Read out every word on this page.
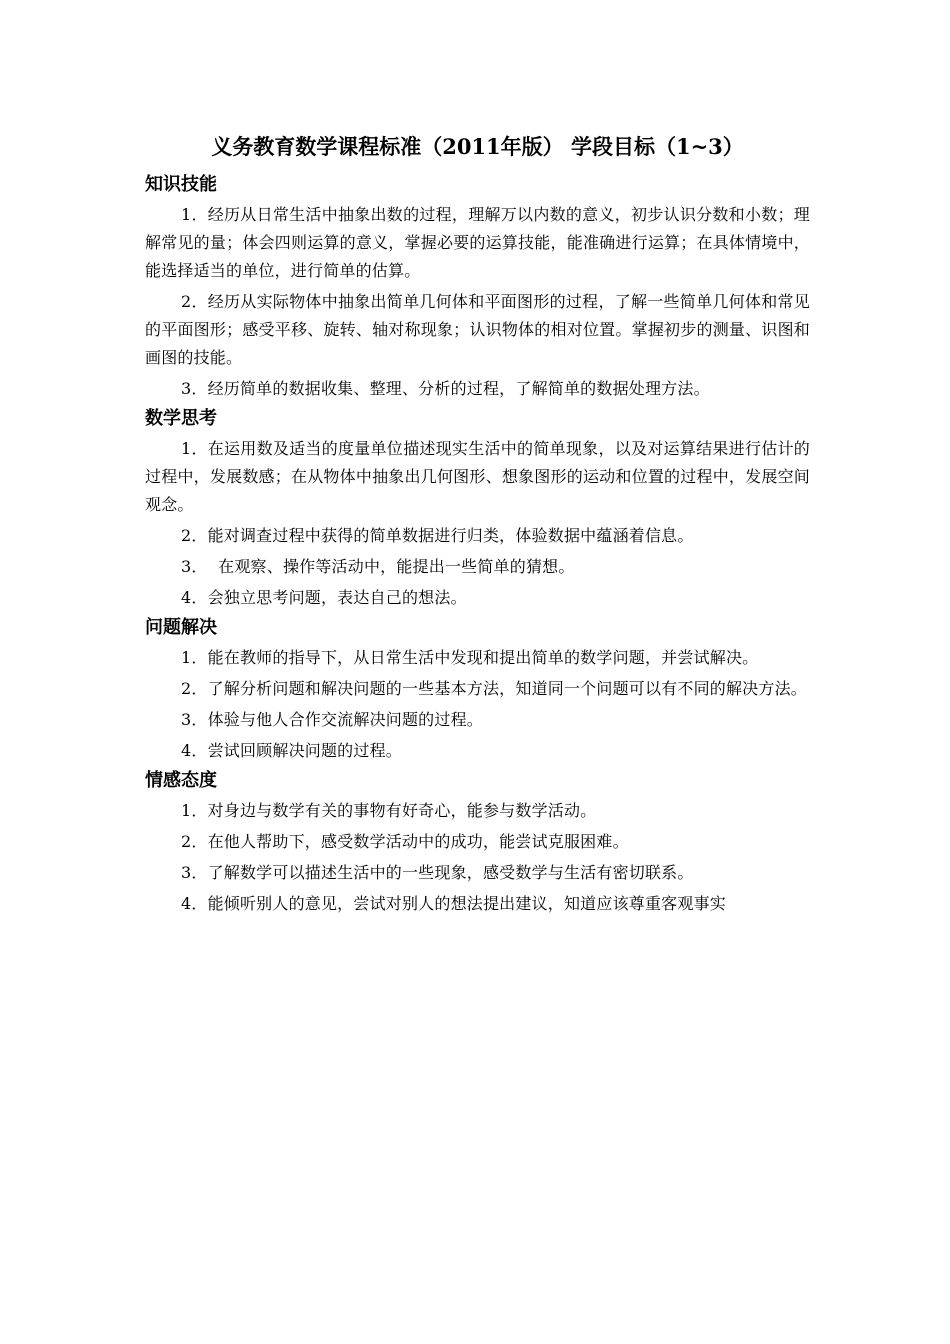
义务教育数学课程标准（2011年版） 学段目标（1~3）
知识技能

1．经历从日常生活中抽象出数的过程，理解万以内数的意义，初步认识分数和小数；理解常见的量；体会四则运算的意义，掌握必要的运算技能，能准确进行运算；在具体情境中，能选择适当的单位，进行简单的估算。

2．经历从实际物体中抽象出简单几何体和平面图形的过程，了解一些简单几何体和常见的平面图形；感受平移、旋转、轴对称现象；认识物体的相对位置。掌握初步的测量、识图和画图的技能。

3．经历简单的数据收集、整理、分析的过程，了解简单的数据处理方法。

数学思考

1．在运用数及适当的度量单位描述现实生活中的简单现象，以及对运算结果进行估计的过程中，发展数感；在从物体中抽象出几何图形、想象图形的运动和位置的过程中，发展空间观念。

2．能对调查过程中获得的简单数据进行归类，体验数据中蕴涵着信息。

3．  在观察、操作等活动中，能提出一些简单的猜想。

4．会独立思考问题，表达自己的想法。

问题解决

1．能在教师的指导下，从日常生活中发现和提出简单的数学问题，并尝试解决。

2．了解分析问题和解决问题的一些基本方法，知道同一个问题可以有不同的解决方法。

3．体验与他人合作交流解决问题的过程。

4．尝试回顾解决问题的过程。

情感态度

1．对身边与数学有关的事物有好奇心，能参与数学活动。

2．在他人帮助下，感受数学活动中的成功，能尝试克服困难。

3．了解数学可以描述生活中的一些现象，感受数学与生活有密切联系。

4．能倾听别人的意见，尝试对别人的想法提出建议，知道应该尊重客观事实
